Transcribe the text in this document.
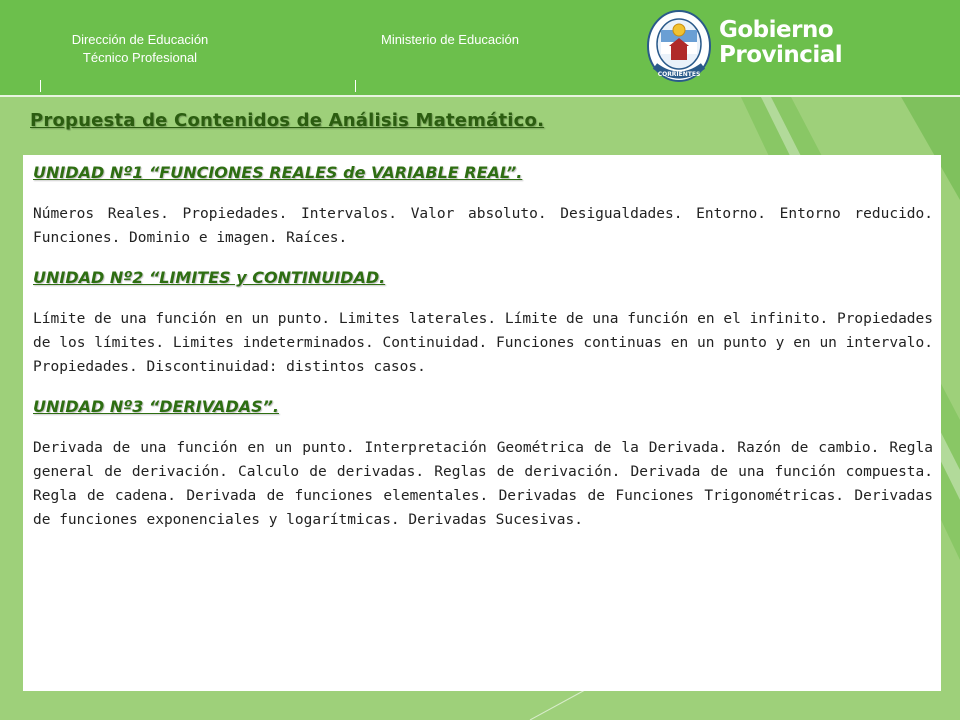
Dirección de Educación
Técnico Profesional
Ministerio de Educación
CORRIENTES
Gobierno
Provincial
Propuesta de Contenidos de Análisis Matemático.
UNIDAD Nº1 “FUNCIONES REALES de VARIABLE REAL”.

Números Reales. Propiedades. Intervalos. Valor absoluto. Desigualdades. Entorno. Entorno reducido. Funciones. Dominio e imagen. Raíces.

UNIDAD Nº2 “LIMITES y CONTINUIDAD.

Límite de una función en un punto. Limites laterales. Límite de una función en el infinito. Propiedades de los límites. Limites indeterminados. Continuidad. Funciones continuas en un punto y en un intervalo. Propiedades. Discontinuidad: distintos casos.

UNIDAD Nº3 “DERIVADAS”.

Derivada de una función en un punto. Interpretación Geométrica de la Derivada. Razón de cambio. Regla general de derivación. Calculo de derivadas. Reglas de derivación. Derivada de una función compuesta. Regla de cadena. Derivada de funciones elementales. Derivadas de Funciones Trigonométricas. Derivadas de funciones exponenciales y logarítmicas. Derivadas Sucesivas.
